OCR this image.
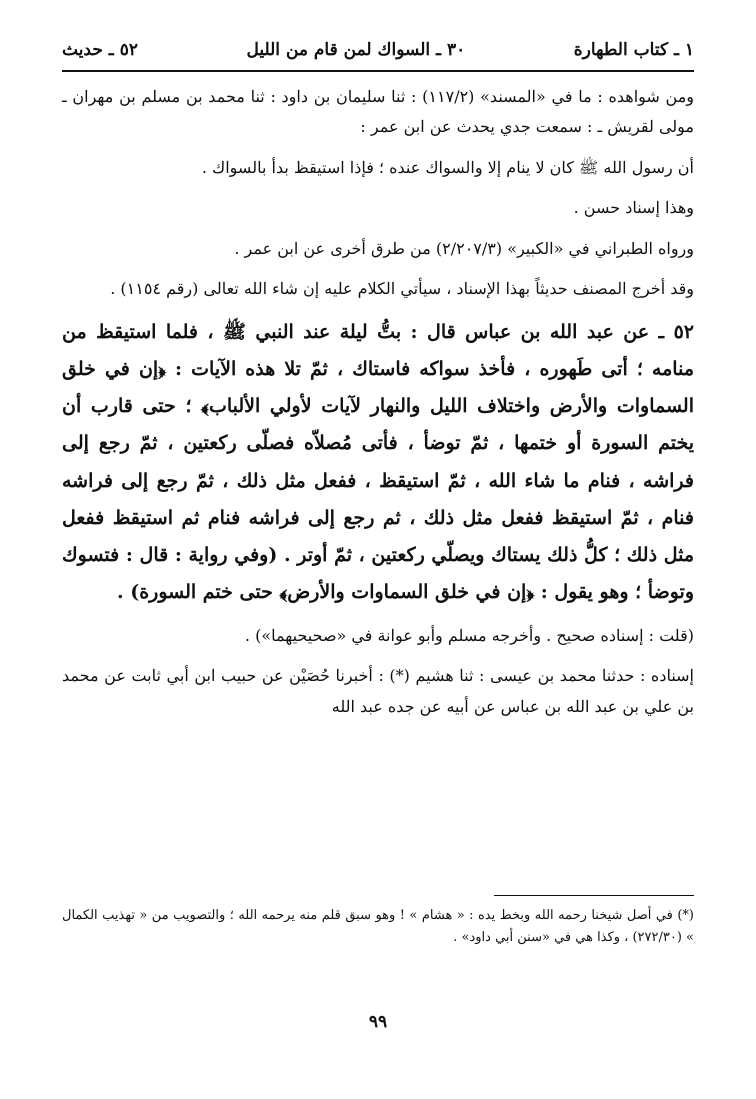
١ ـ كتاب الطهارة
٣٠ ـ السواك لمن قام من الليل
٥٢ ـ حديث

ومن شواهده : ما في «المسند» (١١٧/٢) : ثنا سليمان بن داود : ثنا محمد بن مسلم بن مهران ـ مولى لقريش ـ : سمعت جدي يحدث عن ابن عمر :

أن رسول الله ﷺ كان لا ينام إلا والسواك عنده ؛ فإذا استيقظ بدأ بالسواك .

وهذا إسناد حسن .

ورواه الطبراني في «الكبير» (٢/٢٠٧/٣) من طرق أخرى عن ابن عمر .

وقد أخرج المصنف حديثاً بهذا الإسناد ، سيأتي الكلام عليه إن شاء الله تعالى (رقم ١١٥٤) .

٥٢ ـ عن عبد الله بن عباس قال : بتُّ ليلة عند النبي ﷺ ، فلما استيقظ من منامه ؛ أتى طَهوره ، فأخذ سواكه فاستاك ، ثمّ تلا هذه الآيات : ﴿إن في خلق السماوات والأرض واختلاف الليل والنهار لآيات لأولي الألباب﴾ ؛ حتى قارب أن يختم السورة أو ختمها ، ثمّ توضأ ، فأتى مُصلاّه فصلّى ركعتين ، ثمّ رجع إلى فراشه ، فنام ما شاء الله ، ثمّ استيقظ ، ففعل مثل ذلك ، ثمّ رجع إلى فراشه فنام ، ثمّ استيقظ ففعل مثل ذلك ، ثم رجع إلى فراشه فنام ثم استيقظ ففعل مثل ذلك ؛ كلُّ ذلك يستاك ويصلّي ركعتين ، ثمّ أوتر . (وفي رواية : قال : فتسوك وتوضأ ؛ وهو يقول : ﴿إن في خلق السماوات والأرض﴾ حتى ختم السورة) .

(قلت : إسناده صحيح . وأخرجه مسلم وأبو عوانة في «صحيحيهما») .

إسناده : حدثنا محمد بن عيسى : ثنا هشيم (*) : أخبرنا حُصَيْن عن حبيب ابن أبي ثابت عن محمد بن علي بن عبد الله بن عباس عن أبيه عن جده عبد الله

(*) في أصل شيخنا رحمه الله وبخط يده : « هشام » ! وهو سبق قلم منه يرحمه الله ؛ والتصويب من « تهذيب الكمال » (٢٧٢/٣٠) ، وكذا هي في «سنن أبي داود» .

٩٩
